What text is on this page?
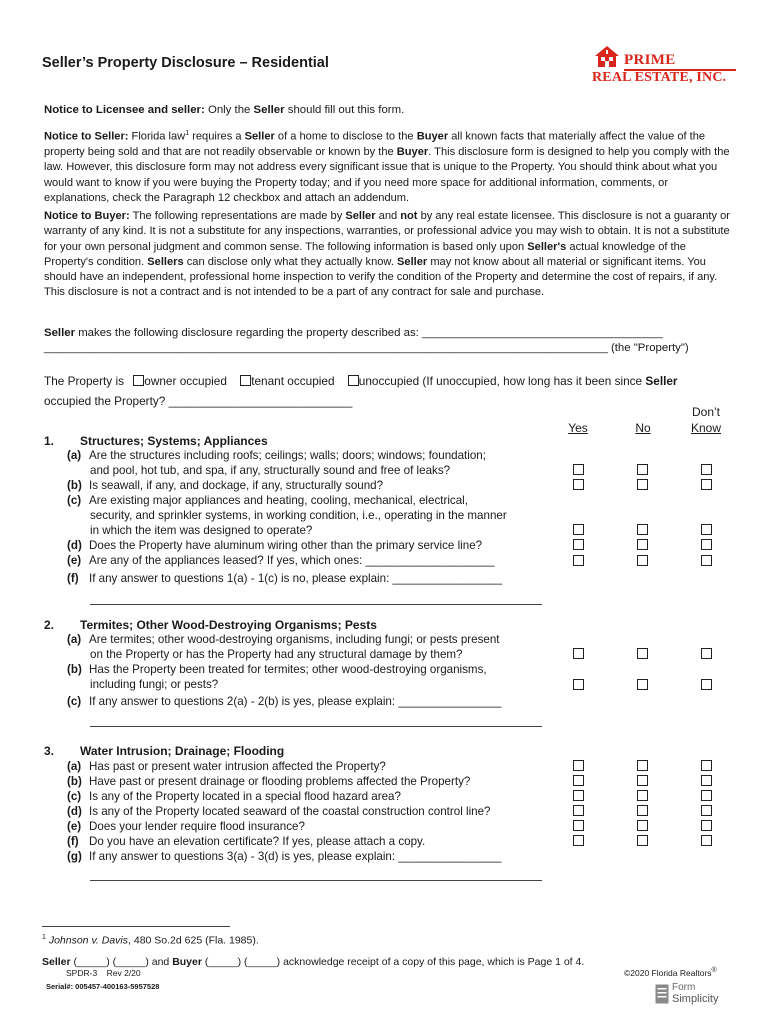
Seller’s Property Disclosure – Residential	PRIME
REAL ESTATE, INC.
Notice to Licensee and seller: Only the Seller should fill out this form.
Notice to Seller: Florida law$^1$ requires a Seller of a home to disclose to the Buyer all known facts that materially affect the value of the property being sold and that are not readily observable or known by the Buyer. This disclosure form is designed to help you comply with the law. However, this disclosure form may not address every significant issue that is unique to the Property. You should think about what you would want to know if you were buying the Property today; and if you need more space for additional information, comments, or explanations, check the Paragraph 12 checkbox and attach an addendum.
Notice to Buyer: The following representations are made by Seller and not by any real estate licensee. This disclosure is not a guaranty or warranty of any kind. It is not a substitute for any inspections, warranties, or professional advice you may wish to obtain. It is not a substitute for your own personal judgment and common sense. The following information is based only upon Seller's actual knowledge of the Property's condition. Sellers can disclose only what they actually know. Seller may not know about all material or significant items. You should have an independent, professional home inspection to verify the condition of the Property and determine the cost of repairs, if any. This disclosure is not a contract and is not intended to be a part of any contract for sale and purchase.
Seller makes the following disclosure regarding the property described as: ______________________________________
_________________________________________________________________________________________ (the "Property")
The Property is owner occupied tenant occupied unoccupied (If unoccupied, how long has it been since Seller
occupied the Property? ____________________________
Yes	No
Don’t
Know
1. Structures; Systems; Appliances
(a) Are the structures including roofs; ceilings; walls; doors; windows; foundation;
and pool, hot tub, and spa, if any, structurally sound and free of leaks?
(b) Is seawall, if any, and dockage, if any, structurally sound?
(c) Are existing major appliances and heating, cooling, mechanical, electrical,
security, and sprinkler systems, in working condition, i.e., operating in the manner
in which the item was designed to operate?
(d) Does the Property have aluminum wiring other than the primary service line?
(e) Are any of the appliances leased? If yes, which ones: ____________________
(f) If any answer to questions 1(a) - 1(c) is no, please explain: _________________
2. Termites; Other Wood-Destroying Organisms; Pests
(a) Are termites; other wood-destroying organisms, including fungi; or pests present
on the Property or has the Property had any structural damage by them?
(b) Has the Property been treated for termites; other wood-destroying organisms,
including fungi; or pests?
(c) If any answer to questions 2(a) - 2(b) is yes, please explain: ________________
3. Water Intrusion; Drainage; Flooding
(a) Has past or present water intrusion affected the Property?
(b) Have past or present drainage or flooding problems affected the Property?
(c) Is any of the Property located in a special flood hazard area?
(d) Is any of the Property located seaward of the coastal construction control line?
(e) Does your lender require flood insurance?
(f) Do you have an elevation certificate? If yes, please attach a copy.
(g) If any answer to questions 3(a) - 3(d) is yes, please explain: ________________
$^1$ Johnson v. Davis, 480 So.2d 625 (Fla. 1985).
Seller (_____) (_____) and Buyer (_____) (_____) acknowledge receipt of a copy of this page, which is Page 1 of 4.
SPDR-3    Rev 2/20
Serial#: 005457-400163-5957528
©2020 Florida Realtors®
Form
Simplicity
